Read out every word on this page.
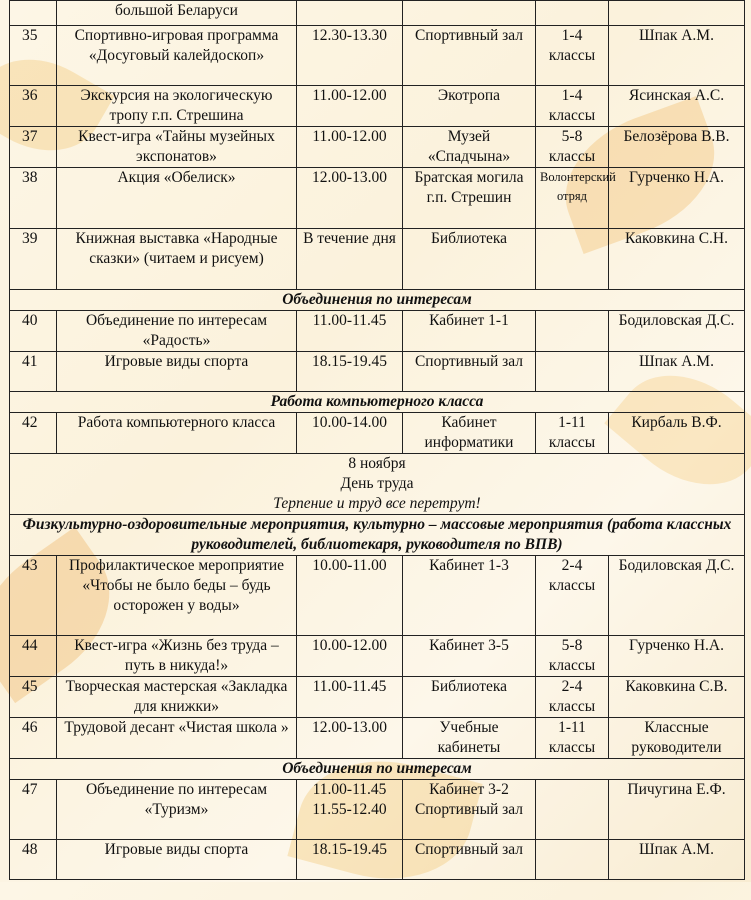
	большой Беларуси				
35	Спортивно-игровая программа «Досуговый калейдоскоп»	12.30-13.30	Спортивный зал	1-4 классы	Шпак А.М.
36	Экскурсия на экологическую тропу г.п. Стрешина	11.00-12.00	Экотропа	1-4 классы	Ясинская А.С.
37	Квест-игра «Тайны музейных экспонатов»	11.00-12.00	Музей «Спадчына»	5-8 классы	Белозёрова В.В.
38	Акция «Обелиск»	12.00-13.00	Братская могила г.п. Стрешин	Волонтерский отряд	Гурченко Н.А.
39	Книжная выставка «Народные сказки» (читаем и рисуем)	В течение дня	Библиотека		Каковкина С.Н.
Объединения по интересам					
40	Объединение по интересам «Радость»	11.00-11.45	Кабинет 1-1		Бодиловская Д.С.
41	Игровые виды спорта	18.15-19.45	Спортивный зал		Шпак А.М.
Работа компьютерного класса					
42	Работа компьютерного класса	10.00-14.00	Кабинет информатики	1-11 классы	Кирбаль В.Ф.

8 ноября
День труда
Терпение и труд все перетрут!					

Физкультурно-оздоровительные мероприятия, культурно – массовые мероприятия (работа классных руководителей, библиотекаря, руководителя по ВПВ)					
43	Профилактическое мероприятие «Чтобы не было беды – будь осторожен у воды»	10.00-11.00	Кабинет 1-3	2-4 классы	Бодиловская Д.С.
44	Квест-игра «Жизнь без труда – путь в никуда!»	10.00-12.00	Кабинет 3-5	5-8 классы	Гурченко Н.А.
45	Творческая мастерская «Закладка для книжки»	11.00-11.45	Библиотека	2-4 классы	Каковкина С.В.
46	Трудовой десант «Чистая школа »	12.00-13.00	Учебные кабинеты	1-11 классы	Классные руководители
Объединения по интересам					
47	Объединение по интересам «Туризм»	11.00-11.45 11.55-12.40	Кабинет 3-2 Спортивный зал		Пичугина Е.Ф.
48	Игровые виды спорта	18.15-19.45	Спортивный зал		Шпак А.М.
